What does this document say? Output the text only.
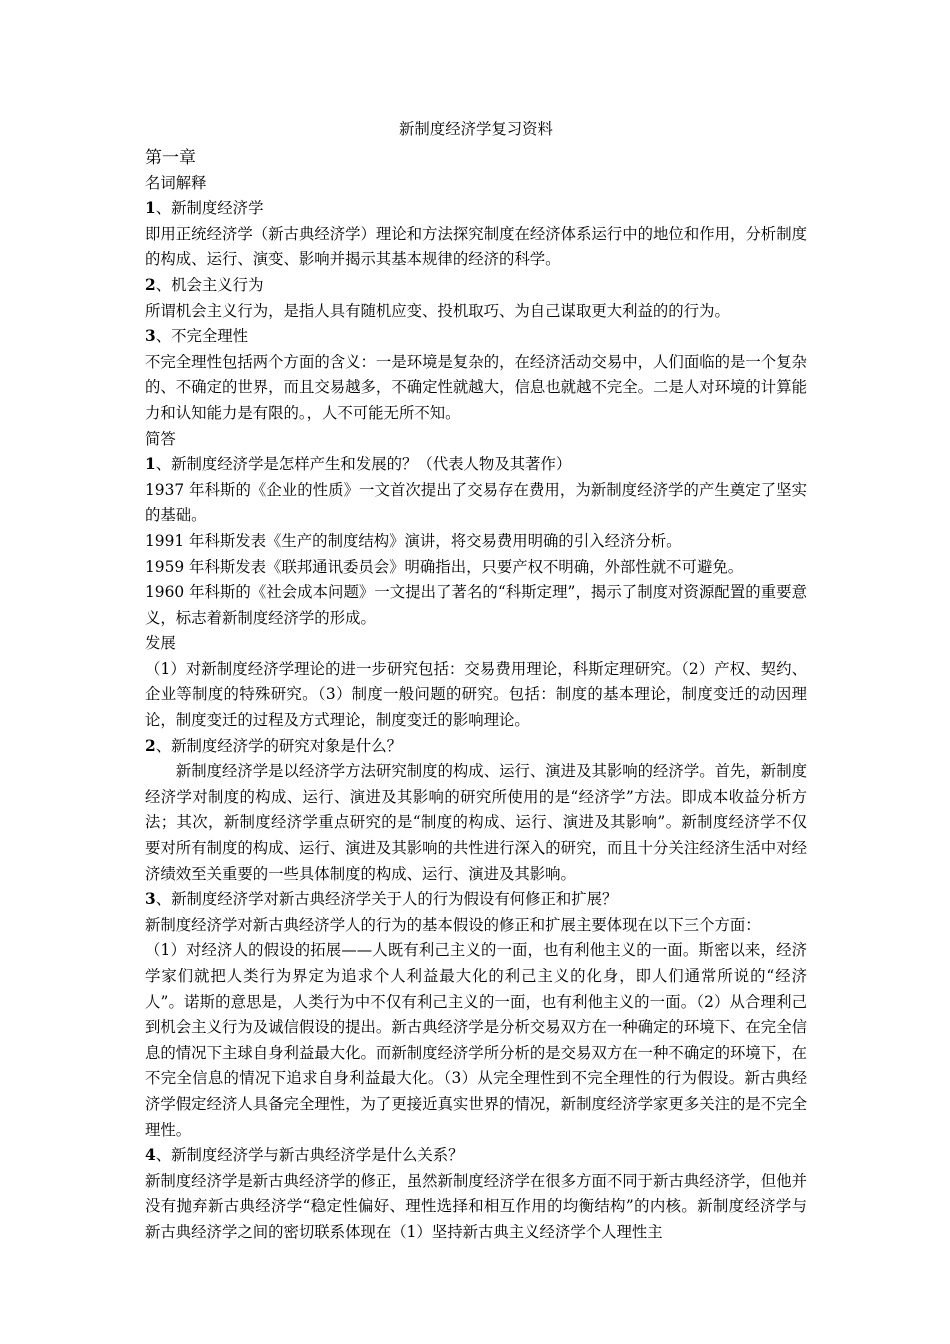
新制度经济学复习资料

第一章

名词解释

1、新制度经济学

即用正统经济学（新古典经济学）理论和方法探究制度在经济体系运行中的地位和作用，分析制度的构成、运行、演变、影响并揭示其基本规律的经济的科学。

2、机会主义行为

所谓机会主义行为，是指人具有随机应变、投机取巧、为自己谋取更大利益的的行为。

3、不完全理性

不完全理性包括两个方面的含义：一是环境是复杂的，在经济活动交易中，人们面临的是一个复杂的、不确定的世界，而且交易越多，不确定性就越大，信息也就越不完全。二是人对环境的计算能力和认知能力是有限的。，人不可能无所不知。

简答

1、新制度经济学是怎样产生和发展的？（代表人物及其著作）

1937 年科斯的《企业的性质》一文首次提出了交易存在费用，为新制度经济学的产生奠定了坚实的基础。

1991 年科斯发表《生产的制度结构》演讲，将交易费用明确的引入经济分析。

1959 年科斯发表《联邦通讯委员会》明确指出，只要产权不明确，外部性就不可避免。

1960 年科斯的《社会成本问题》一文提出了著名的“科斯定理”，揭示了制度对资源配置的重要意义，标志着新制度经济学的形成。

发展

（1）对新制度经济学理论的进一步研究包括：交易费用理论，科斯定理研究。（2）产权、契约、企业等制度的特殊研究。（3）制度一般问题的研究。包括：制度的基本理论，制度变迁的动因理论，制度变迁的过程及方式理论，制度变迁的影响理论。

2、新制度经济学的研究对象是什么？

新制度经济学是以经济学方法研究制度的构成、运行、演进及其影响的经济学。首先，新制度经济学对制度的构成、运行、演进及其影响的研究所使用的是“经济学”方法。即成本收益分析方法；其次，新制度经济学重点研究的是“制度的构成、运行、演进及其影响”。新制度经济学不仅要对所有制度的构成、运行、演进及其影响的共性进行深入的研究，而且十分关注经济生活中对经济绩效至关重要的一些具体制度的构成、运行、演进及其影响。

3、新制度经济学对新古典经济学关于人的行为假设有何修正和扩展？

新制度经济学对新古典经济学人的行为的基本假设的修正和扩展主要体现在以下三个方面：

（1）对经济人的假设的拓展——人既有利己主义的一面，也有利他主义的一面。斯密以来，经济学家们就把人类行为界定为追求个人利益最大化的利己主义的化身，即人们通常所说的“经济人”。诺斯的意思是，人类行为中不仅有利己主义的一面，也有利他主义的一面。（2）从合理利己到机会主义行为及诚信假设的提出。新古典经济学是分析交易双方在一种确定的环境下、在完全信息的情况下主球自身利益最大化。而新制度经济学所分析的是交易双方在一种不确定的环境下，在不完全信息的情况下追求自身利益最大化。（3）从完全理性到不完全理性的行为假设。新古典经济学假定经济人具备完全理性，为了更接近真实世界的情况，新制度经济学家更多关注的是不完全理性。

4、新制度经济学与新古典经济学是什么关系？

新制度经济学是新古典经济学的修正，虽然新制度经济学在很多方面不同于新古典经济学，但他并没有抛弃新古典经济学“稳定性偏好、理性选择和相互作用的均衡结构”的内核。新制度经济学与新古典经济学之间的密切联系体现在（1）坚持新古典主义经济学个人理性主
